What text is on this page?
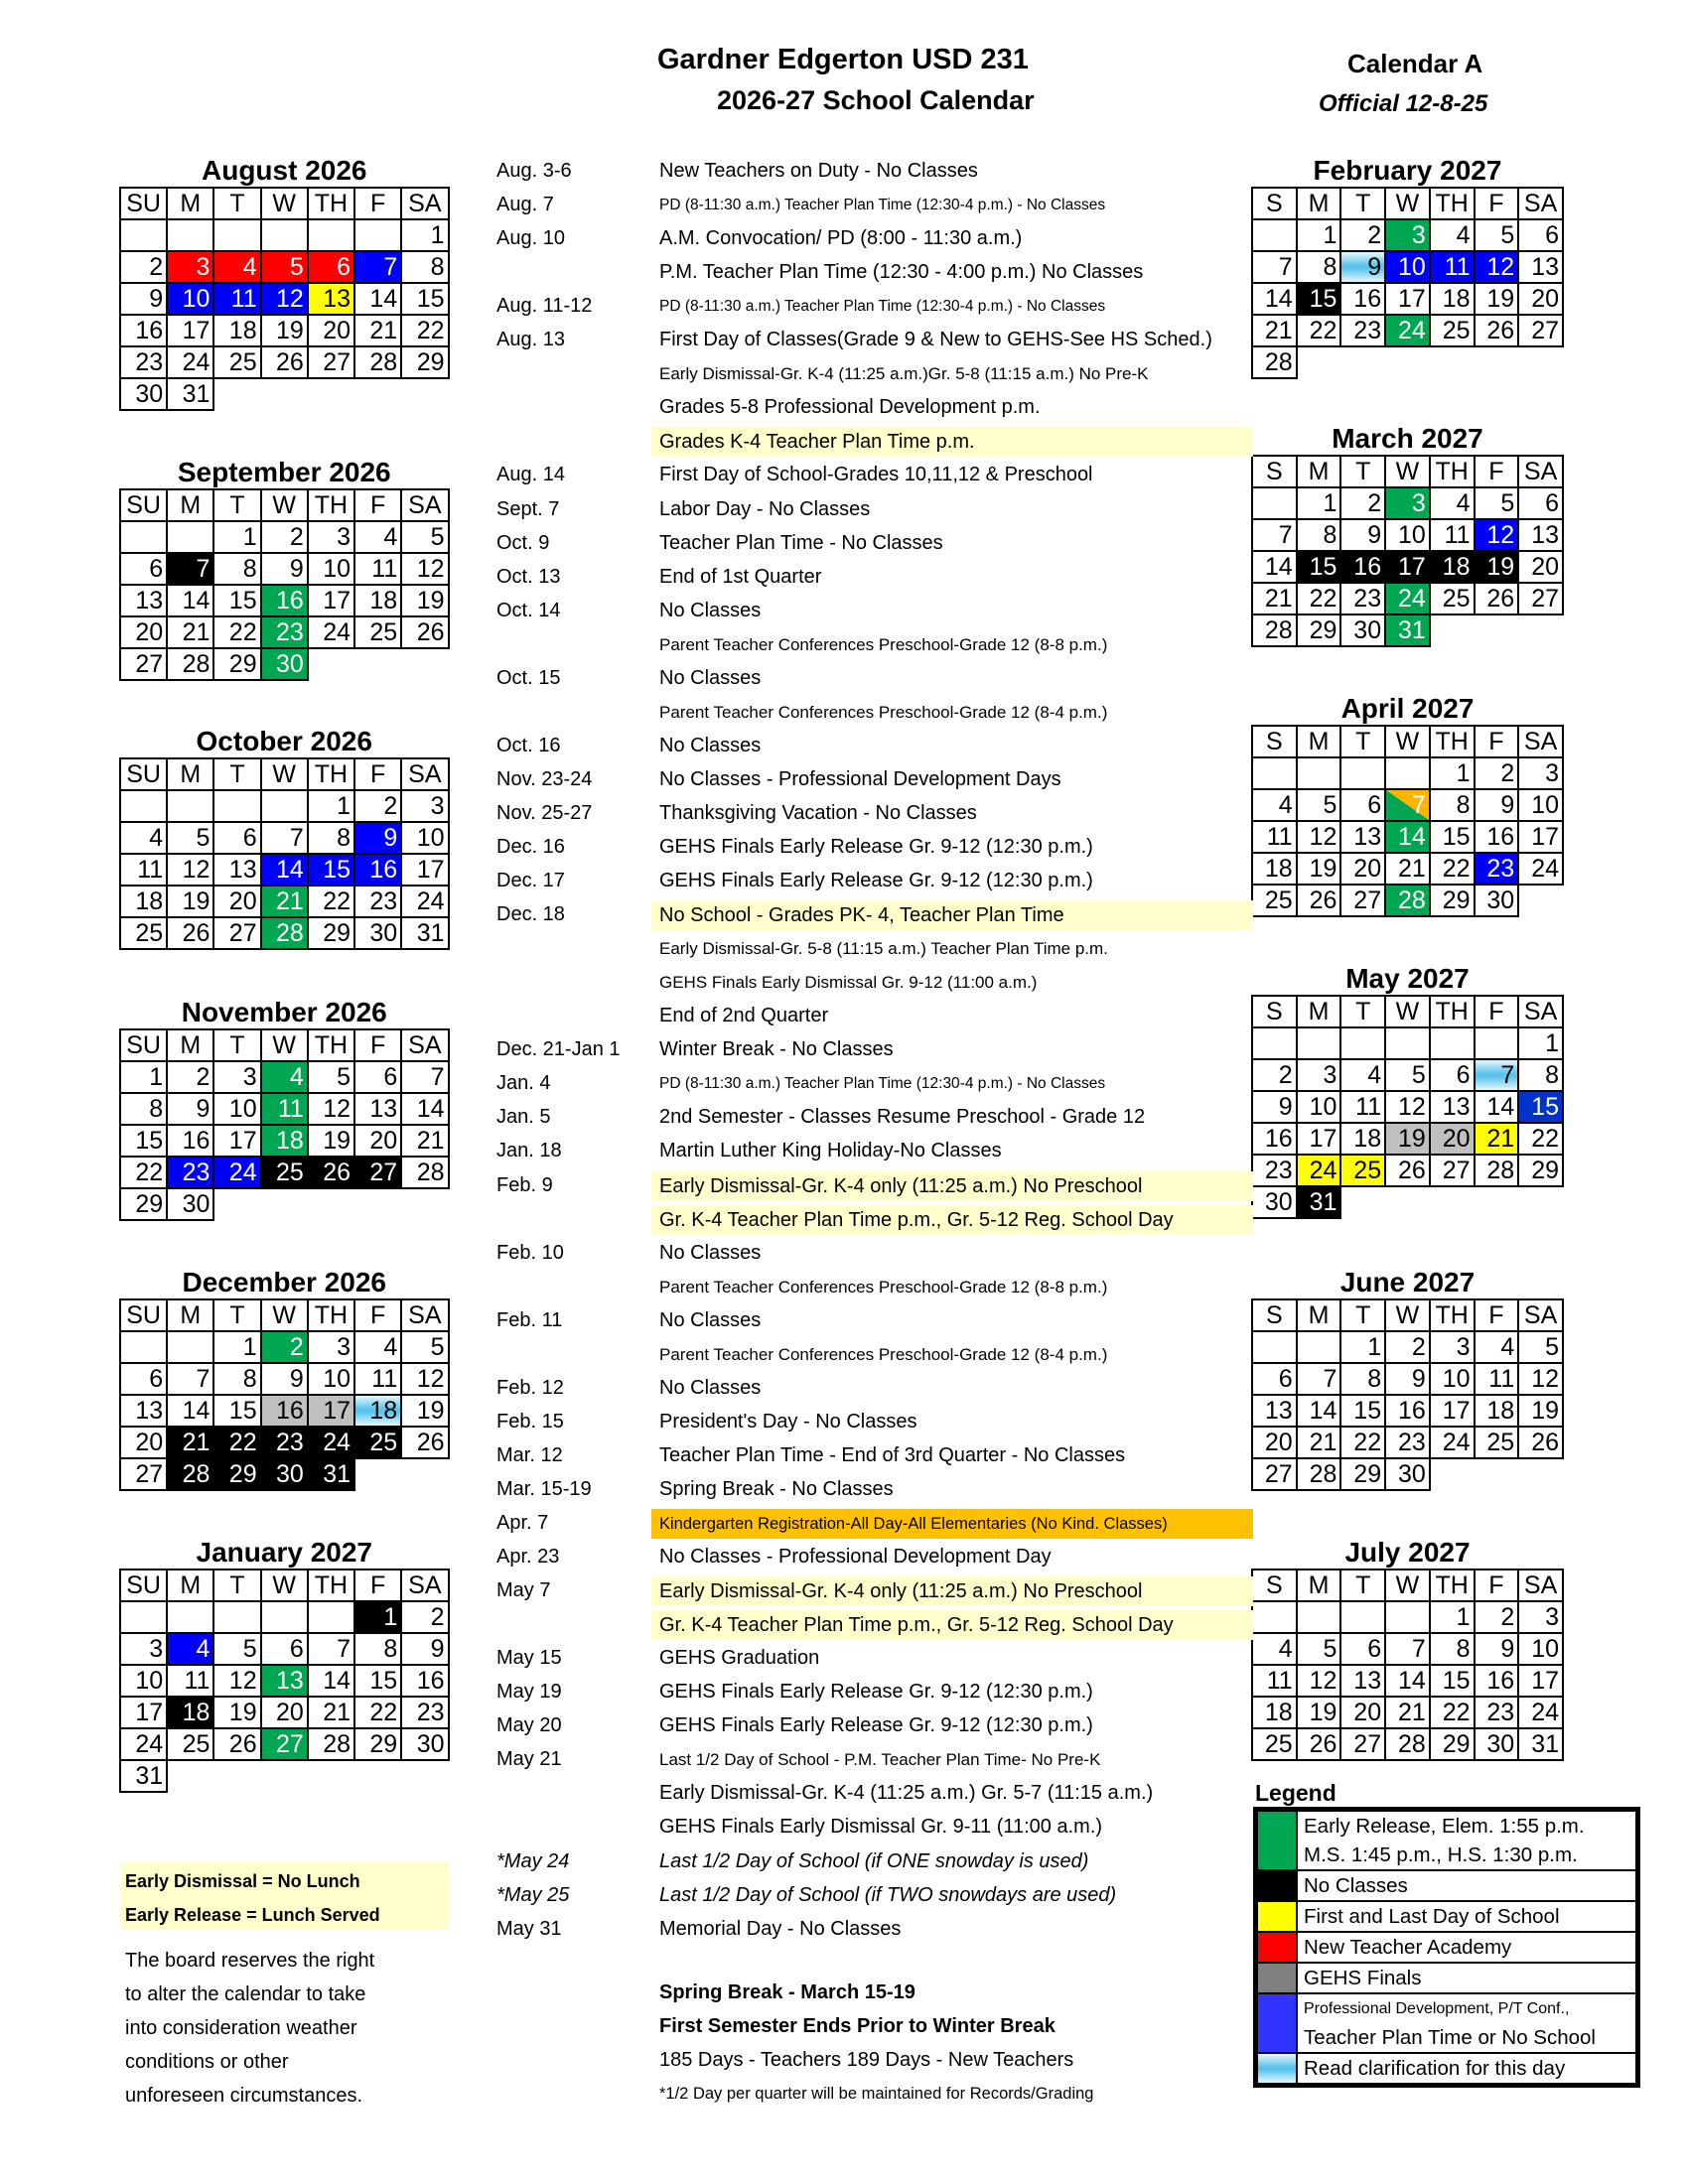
Gardner Edgerton USD 231
2026-27 School Calendar
Calendar A
Official 12-8-25
August 2026
SU	M	T	W	TH	F	SA
						1
2	3	4	5	6	7	8
9	10	11	12	13	14	15
16	17	18	19	20	21	22
23	24	25	26	27	28	29
30	31					
September 2026
SU	M	T	W	TH	F	SA
		1	2	3	4	5
6	7	8	9	10	11	12
13	14	15	16	17	18	19
20	21	22	23	24	25	26
27	28	29	30			
October 2026
SU	M	T	W	TH	F	SA
				1	2	3
4	5	6	7	8	9	10
11	12	13	14	15	16	17
18	19	20	21	22	23	24
25	26	27	28	29	30	31
November 2026
SU	M	T	W	TH	F	SA
1	2	3	4	5	6	7
8	9	10	11	12	13	14
15	16	17	18	19	20	21
22	23	24	25	26	27	28
29	30					
December 2026
SU	M	T	W	TH	F	SA
		1	2	3	4	5
6	7	8	9	10	11	12
13	14	15	16	17	18	19
20	21	22	23	24	25	26
27	28	29	30	31		
January 2027
SU	M	T	W	TH	F	SA
					1	2
3	4	5	6	7	8	9
10	11	12	13	14	15	16
17	18	19	20	21	22	23
24	25	26	27	28	29	30
31						
February 2027
S	M	T	W	TH	F	SA
	1	2	3	4	5	6
7	8	9	10	11	12	13
14	15	16	17	18	19	20
21	22	23	24	25	26	27
28						
March 2027
S	M	T	W	TH	F	SA
	1	2	3	4	5	6
7	8	9	10	11	12	13
14	15	16	17	18	19	20
21	22	23	24	25	26	27
28	29	30	31			
April 2027
S	M	T	W	TH	F	SA
				1	2	3
4	5	6	7	8	9	10
11	12	13	14	15	16	17
18	19	20	21	22	23	24
25	26	27	28	29	30	
May 2027
S	M	T	W	TH	F	SA
						1
2	3	4	5	6	7	8
9	10	11	12	13	14	15
16	17	18	19	20	21	22
23	24	25	26	27	28	29
30	31					
June 2027
S	M	T	W	TH	F	SA
		1	2	3	4	5
6	7	8	9	10	11	12
13	14	15	16	17	18	19
20	21	22	23	24	25	26
27	28	29	30			
July 2027
S	M	T	W	TH	F	SA
				1	2	3
4	5	6	7	8	9	10
11	12	13	14	15	16	17
18	19	20	21	22	23	24
25	26	27	28	29	30	31
Aug. 3-6	New Teachers on Duty - No Classes
Aug. 7	PD (8-11:30 a.m.) Teacher Plan Time (12:30-4 p.m.) - No Classes
Aug. 10	A.M. Convocation/ PD (8:00 - 11:30 a.m.)
P.M. Teacher Plan Time (12:30 - 4:00 p.m.) No Classes
Aug. 11-12	PD (8-11:30 a.m.) Teacher Plan Time (12:30-4 p.m.) - No Classes
Aug. 13	First Day of Classes(Grade 9 & New to GEHS-See HS Sched.)
Early Dismissal-Gr. K-4 (11:25 a.m.)Gr. 5-8 (11:15 a.m.) No Pre-K
Grades 5-8 Professional Development p.m.
Grades K-4 Teacher Plan Time p.m.
Aug. 14	First Day of School-Grades 10,11,12 & Preschool
Sept. 7	Labor Day - No Classes
Oct. 9	Teacher Plan Time - No Classes
Oct. 13	End of 1st Quarter
Oct. 14	No Classes
Parent Teacher Conferences Preschool-Grade 12 (8-8 p.m.)
Oct. 15	No Classes
Parent Teacher Conferences Preschool-Grade 12 (8-4 p.m.)
Oct. 16	No Classes
Nov. 23-24	No Classes - Professional Development Days
Nov. 25-27	Thanksgiving Vacation - No Classes
Dec. 16	GEHS Finals Early Release Gr. 9-12 (12:30 p.m.)
Dec. 17	GEHS Finals Early Release Gr. 9-12 (12:30 p.m.)
Dec. 18	No School - Grades PK- 4, Teacher Plan Time
Early Dismissal-Gr. 5-8 (11:15 a.m.) Teacher Plan Time p.m.
GEHS Finals Early Dismissal Gr. 9-12 (11:00 a.m.)
End of 2nd Quarter
Dec. 21-Jan 1 Winter Break - No Classes
Jan. 4	PD (8-11:30 a.m.) Teacher Plan Time (12:30-4 p.m.) - No Classes
Jan. 5	2nd Semester - Classes Resume Preschool - Grade 12
Jan. 18	Martin Luther King Holiday-No Classes
Feb. 9	Early Dismissal-Gr. K-4 only (11:25 a.m.) No Preschool
Gr. K-4 Teacher Plan Time p.m., Gr. 5-12 Reg. School Day
Feb. 10	No Classes
Parent Teacher Conferences Preschool-Grade 12 (8-8 p.m.)
Feb. 11	No Classes
Parent Teacher Conferences Preschool-Grade 12 (8-4 p.m.)
Feb. 12	No Classes
Feb. 15	President's Day - No Classes
Mar. 12	Teacher Plan Time - End of 3rd Quarter - No Classes
Mar. 15-19	Spring Break - No Classes
Apr. 7	Kindergarten Registration-All Day-All Elementaries (No Kind. Classes)
Apr. 23	No Classes - Professional Development Day
May 7	Early Dismissal-Gr. K-4 only (11:25 a.m.) No Preschool
Gr. K-4 Teacher Plan Time p.m., Gr. 5-12 Reg. School Day
May 15	GEHS Graduation
May 19	GEHS Finals Early Release Gr. 9-12 (12:30 p.m.)
May 20	GEHS Finals Early Release Gr. 9-12 (12:30 p.m.)
May 21	Last 1/2 Day of School - P.M. Teacher Plan Time- No Pre-K
Early Dismissal-Gr. K-4 (11:25 a.m.) Gr. 5-7 (11:15 a.m.)
GEHS Finals Early Dismissal Gr. 9-11 (11:00 a.m.)
*May 24	Last 1/2 Day of School (if ONE snowday is used)
*May 25	Last 1/2 Day of School (if TWO snowdays are used)
May 31	Memorial Day - No Classes
Spring Break - March 15-19
First Semester Ends Prior to Winter Break
185 Days - Teachers 189 Days - New Teachers
*1/2 Day per quarter will be maintained for Records/Grading
Early Dismissal = No Lunch
Early Release = Lunch Served
The board reserves the right
to alter the calendar to take
into consideration weather
conditions or other
unforeseen circumstances.
Legend
	Early Release, Elem. 1:55 p.m.
	M.S. 1:45 p.m., H.S. 1:30 p.m.
	No Classes
	First and Last Day of School
	New Teacher Academy
	GEHS Finals
	Professional Development, P/T Conf.,
	Teacher Plan Time or No School
	Read clarification for this day
